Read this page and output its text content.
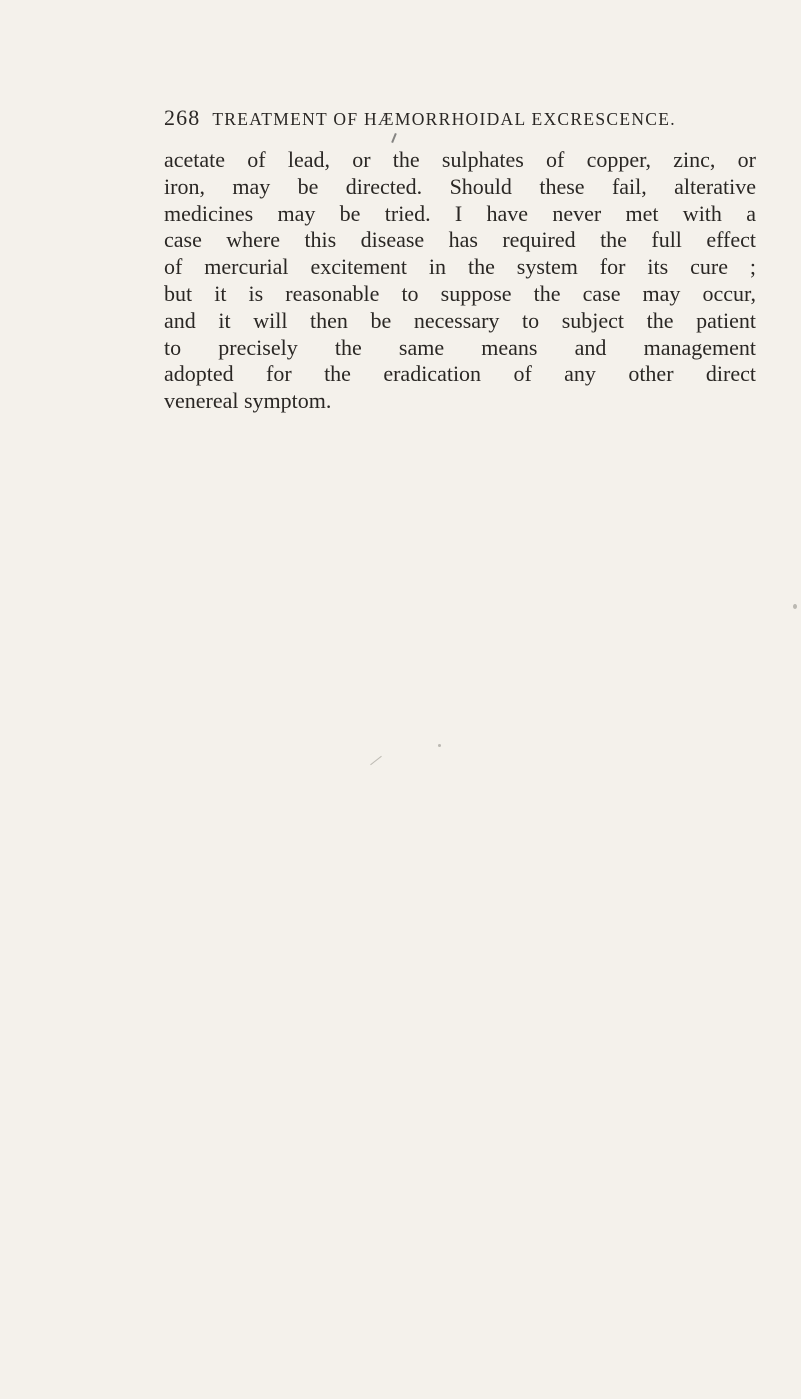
268 TREATMENT OF HÆMORRHOIDAL EXCRESCENCE.
acetate of lead, or the sulphates of copper, zinc, or
iron, may be directed. Should these fail, alterative
medicines may be tried. I have never met with a
case where this disease has required the full effect
of mercurial excitement in the system for its cure ;
but it is reasonable to suppose the case may occur,
and it will then be necessary to subject the patient
to precisely the same means and management
adopted for the eradication of any other direct
venereal symptom.
